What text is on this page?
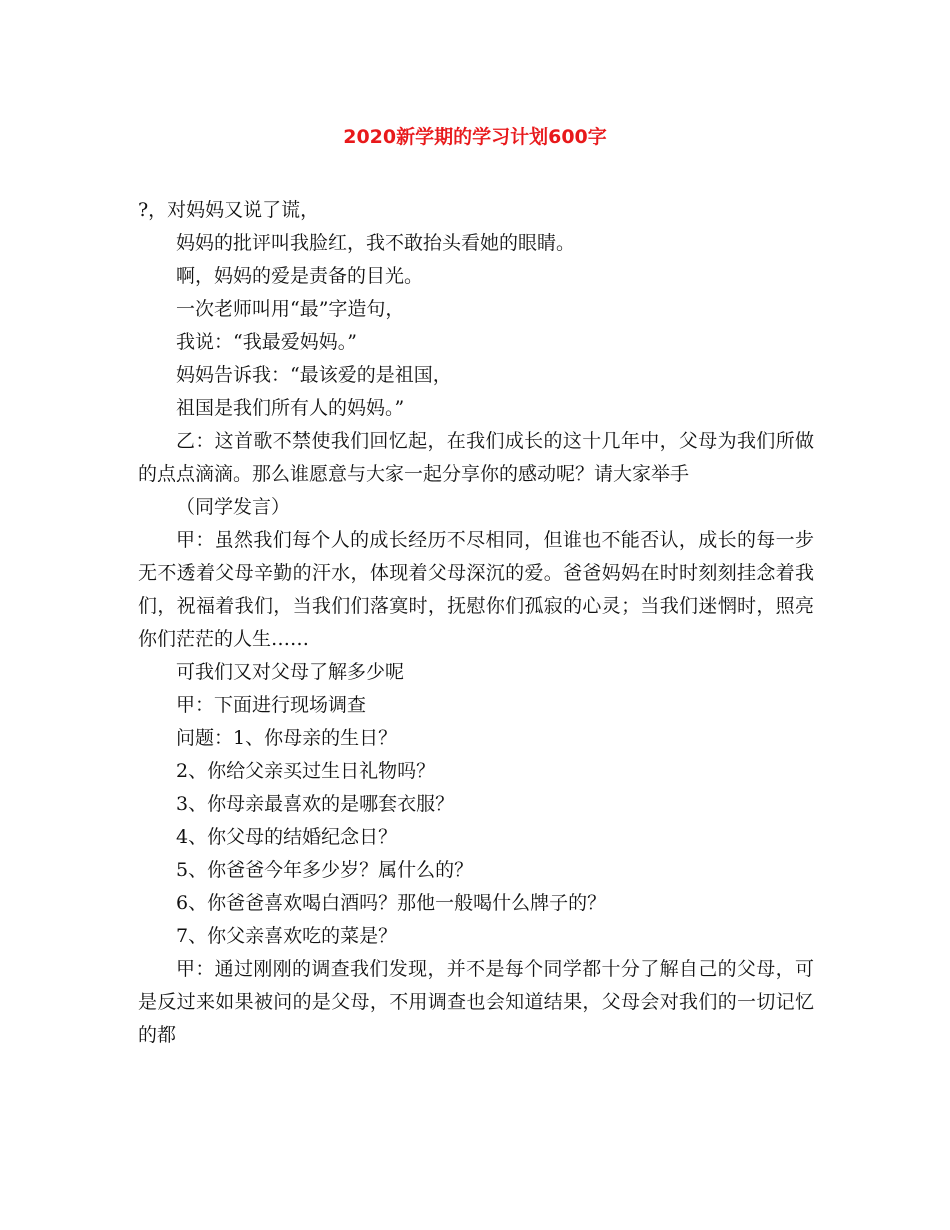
2020新学期的学习计划600字

?，对妈妈又说了谎，

妈妈的批评叫我脸红，我不敢抬头看她的眼睛。

啊，妈妈的爱是责备的目光。

一次老师叫用“最”字造句，

我说：“我最爱妈妈。”

妈妈告诉我：“最该爱的是祖国，

祖国是我们所有人的妈妈。”

乙：这首歌不禁使我们回忆起，在我们成长的这十几年中，父母为我们所做的点点滴滴。那么谁愿意与大家一起分享你的感动呢？请大家举手

（同学发言）

甲：虽然我们每个人的成长经历不尽相同，但谁也不能否认，成长的每一步无不透着父母辛勤的汗水，体现着父母深沉的爱。爸爸妈妈在时时刻刻挂念着我们，祝福着我们，当我们们落寞时，抚慰你们孤寂的心灵；当我们迷惘时，照亮你们茫茫的人生……

可我们又对父母了解多少呢

甲：下面进行现场调查

问题：1、你母亲的生日？

2、你给父亲买过生日礼物吗？

3、你母亲最喜欢的是哪套衣服？

4、你父母的结婚纪念日？

5、你爸爸今年多少岁？属什么的？

6、你爸爸喜欢喝白酒吗？那他一般喝什么牌子的？

7、你父亲喜欢吃的菜是？

甲：通过刚刚的调查我们发现，并不是每个同学都十分了解自己的父母，可是反过来如果被问的是父母，不用调查也会知道结果，父母会对我们的一切记忆的都
